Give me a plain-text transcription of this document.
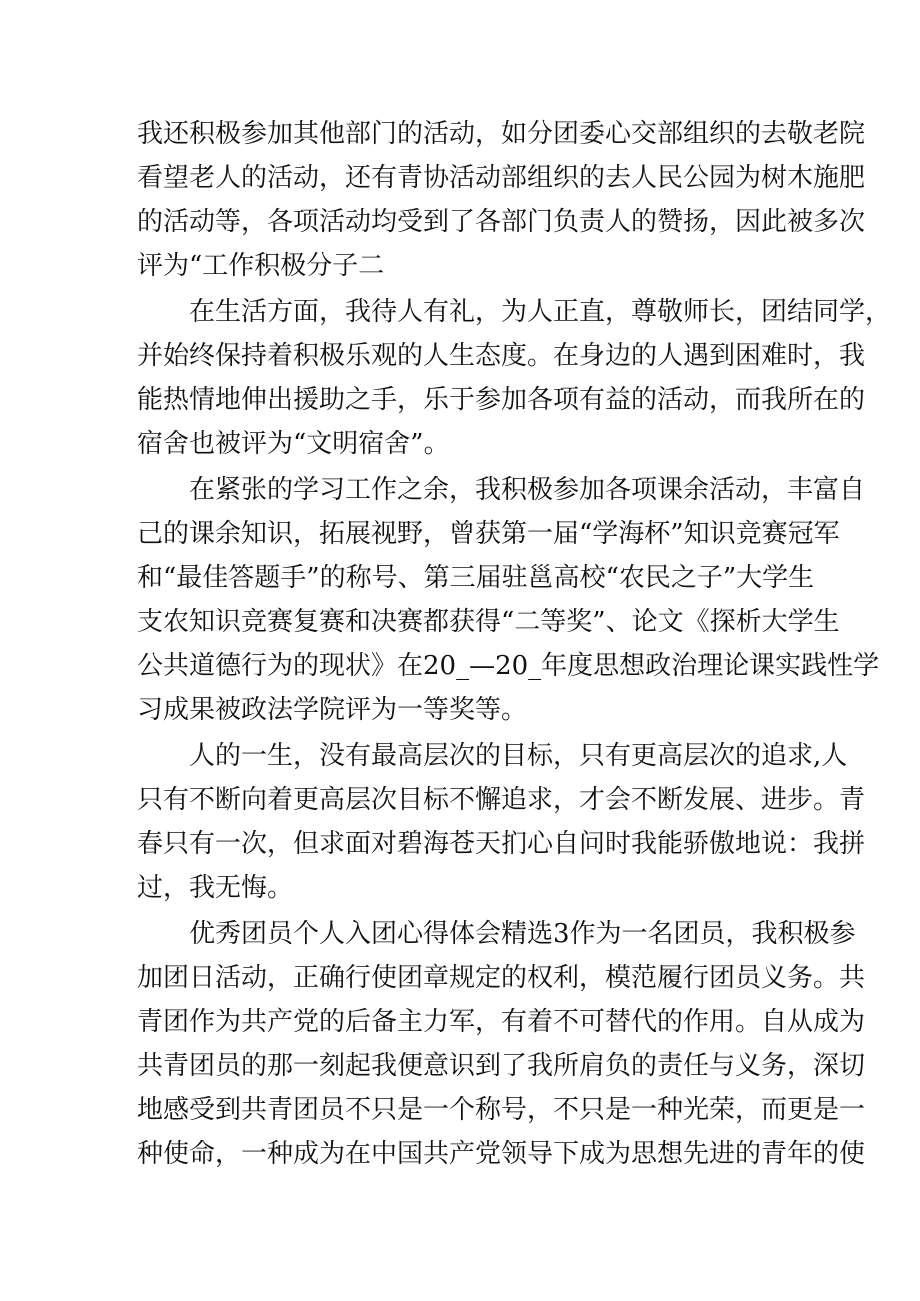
我还积极参加其他部门的活动，如分团委心交部组织的去敬老院
看望老人的活动，还有青协活动部组织的去人民公园为树木施肥
的活动等，各项活动均受到了各部门负责人的赞扬，因此被多次
评为“工作积极分子二
在生活方面，我待人有礼，为人正直，尊敬师长，团结同学，
并始终保持着积极乐观的人生态度。在身边的人遇到困难时，我
能热情地伸出援助之手，乐于参加各项有益的活动，而我所在的
宿舍也被评为“文明宿舍”。
在紧张的学习工作之余，我积极参加各项课余活动，丰富自
己的课余知识，拓展视野，曾获第一届“学海杯”知识竞赛冠军
和“最佳答题手”的称号、第三届驻邕高校“农民之子”大学生
支农知识竞赛复赛和决赛都获得“二等奖”、论文《探析大学生
公共道德行为的现状》在20_—20_年度思想政治理论课实践性学
习成果被政法学院评为一等奖等。
人的一生，没有最高层次的目标，只有更高层次的追求,人
只有不断向着更高层次目标不懈追求，才会不断发展、进步。青
春只有一次，但求面对碧海苍天扪心自问时我能骄傲地说：我拼
过，我无悔。
优秀团员个人入团心得体会精选3作为一名团员，我积极参
加团日活动，正确行使团章规定的权利，模范履行团员义务。共
青团作为共产党的后备主力军，有着不可替代的作用。自从成为
共青团员的那一刻起我便意识到了我所肩负的责任与义务，深切
地感受到共青团员不只是一个称号，不只是一种光荣，而更是一
种使命，一种成为在中国共产党领导下成为思想先进的青年的使
